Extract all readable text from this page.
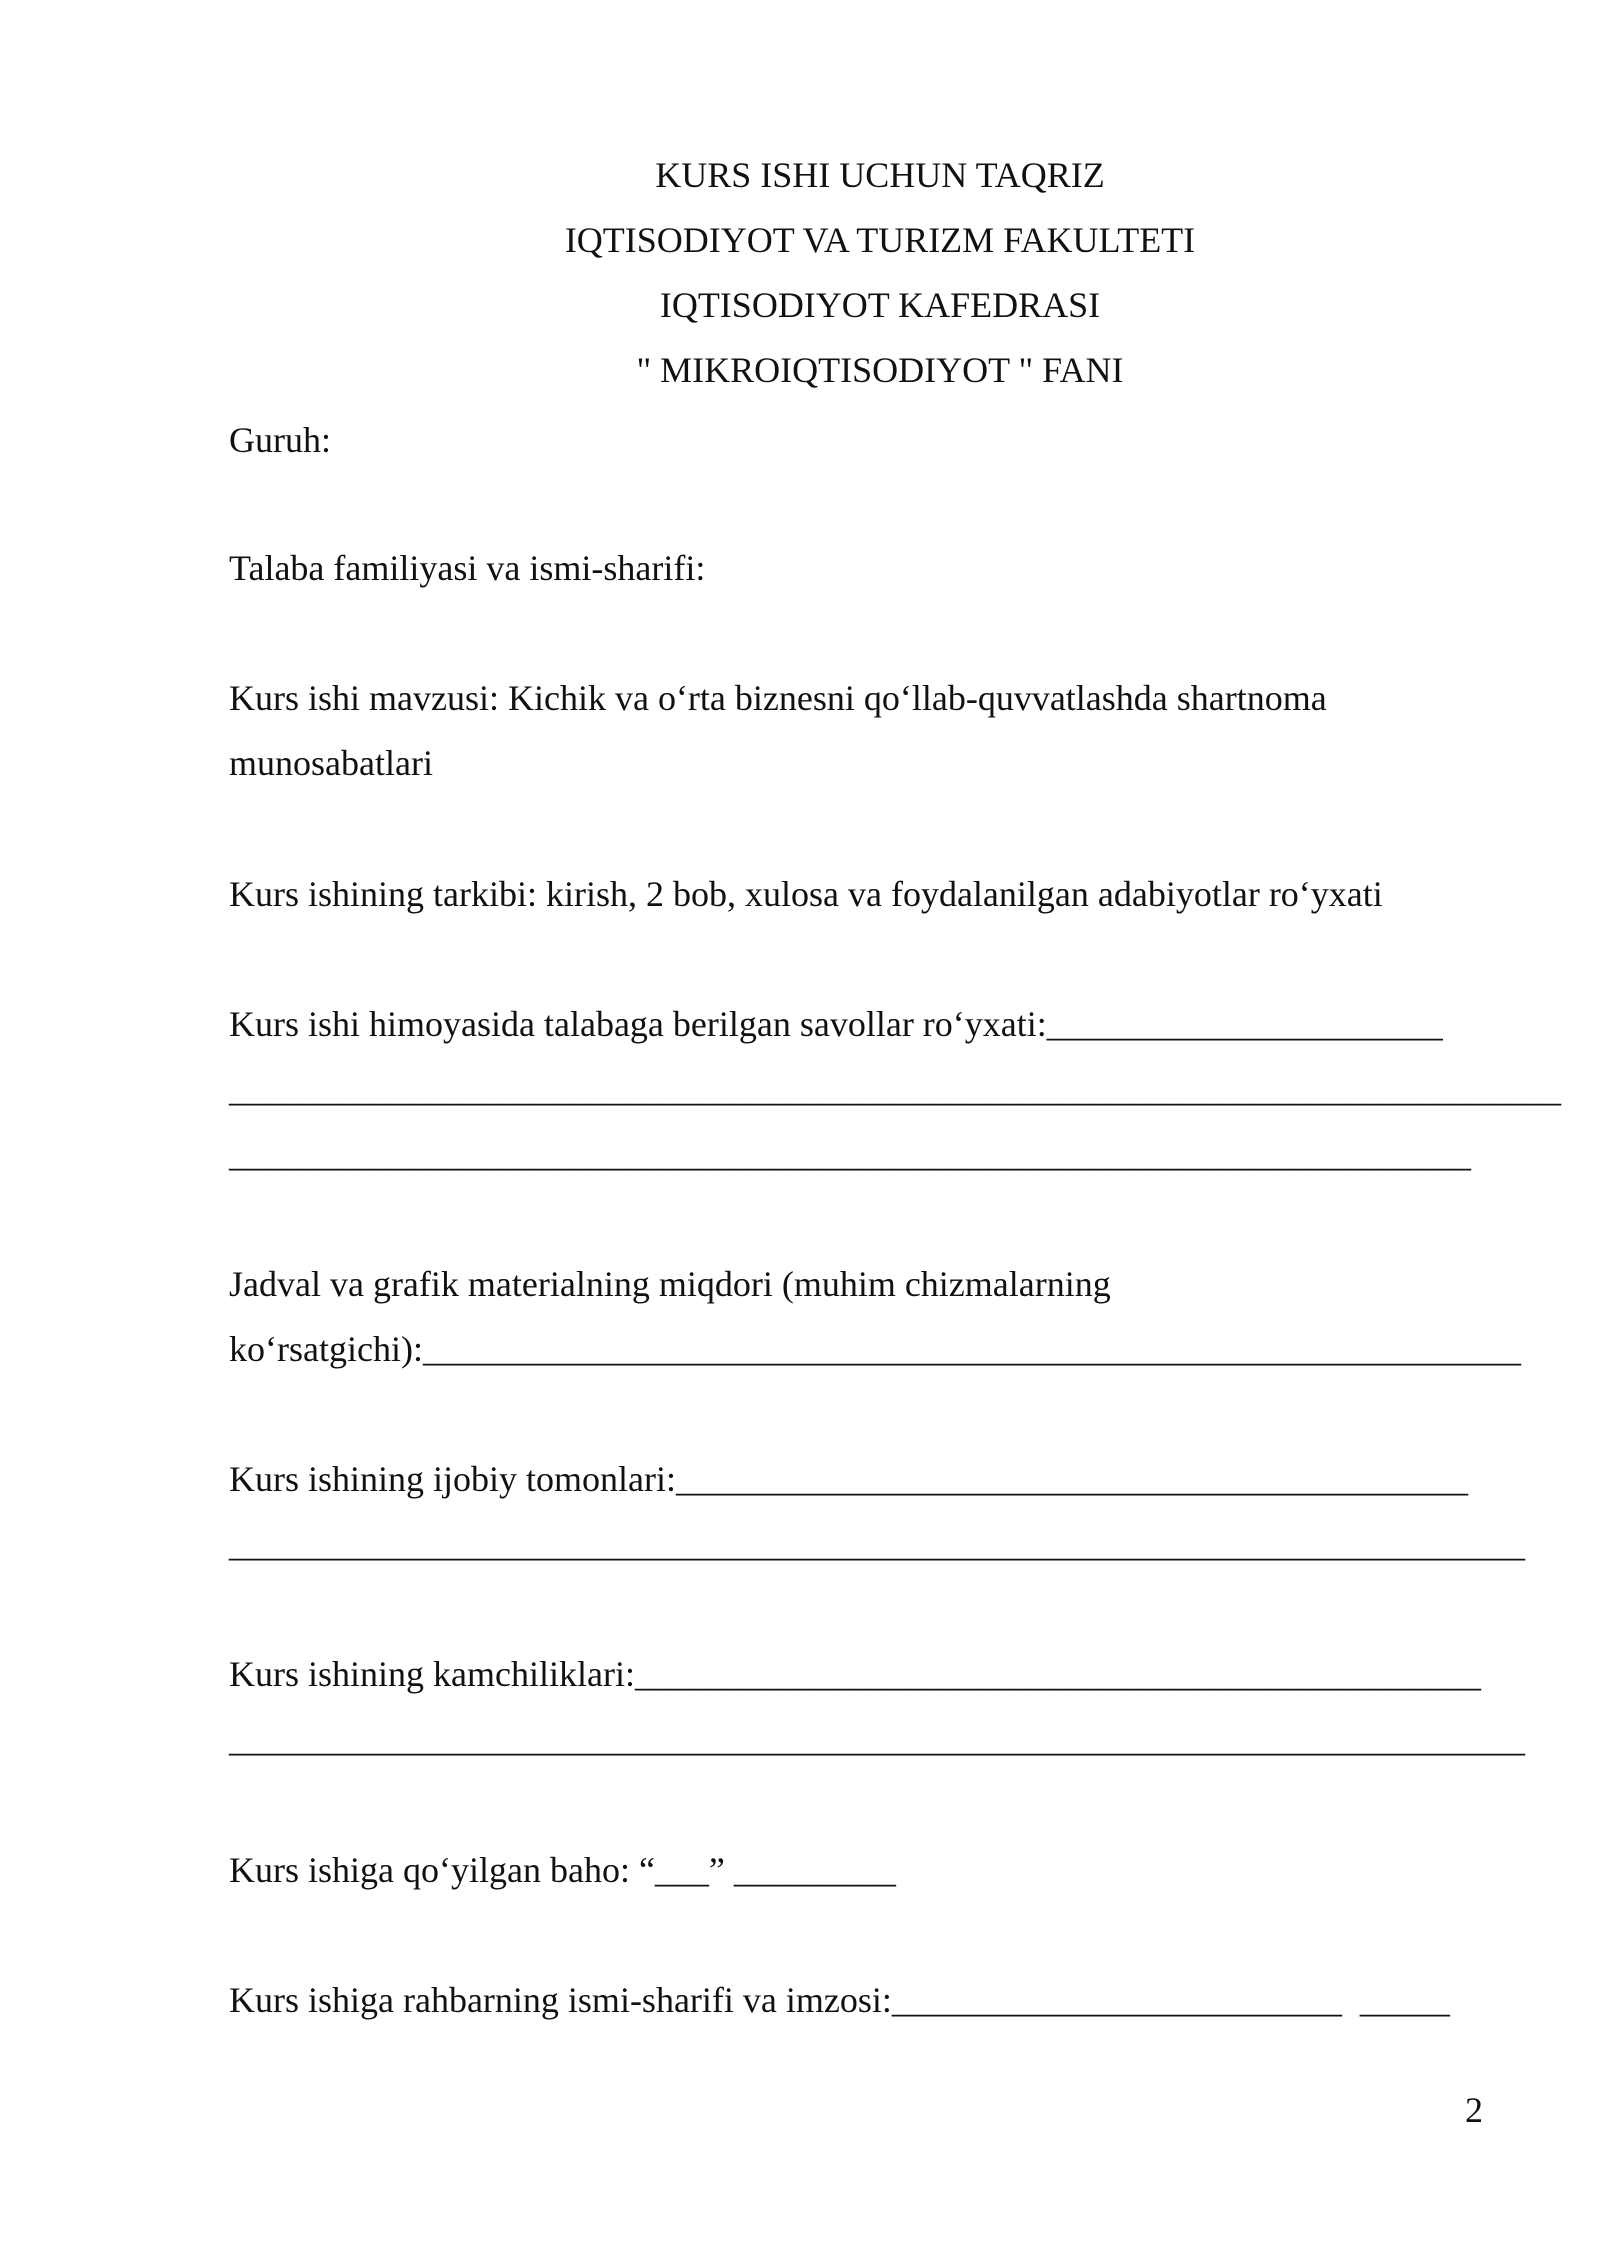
KURS ISHI UCHUN TAQRIZ
IQTISODIYOT VA TURIZM FAKULTETI
IQTISODIYOT KAFEDRASI
" MIKROIQTISODIYOT " FANI
Guruh:
Talaba familiyasi va ismi-sharifi:
Kurs ishi mavzusi: Kichik va o‘rta biznesni qo‘llab-quvvatlashda shartnoma
munosabatlari
Kurs ishining tarkibi: kirish, 2 bob, xulosa va foydalanilgan adabiyotlar ro‘yxati
Kurs ishi himoyasida talabaga berilgan savollar ro‘yxati:______________________
__________________________________________________________________________
_____________________________________________________________________
Jadval va grafik materialning miqdori (muhim chizmalarning
ko‘rsatgichi):_____________________________________________________________
Kurs ishining ijobiy tomonlari:____________________________________________
________________________________________________________________________
Kurs ishining kamchiliklari:_______________________________________________
________________________________________________________________________
Kurs ishiga qo‘yilgan baho: “___” _________
Kurs ishiga rahbarning ismi-sharifi va imzosi:_________________________  _____
2
